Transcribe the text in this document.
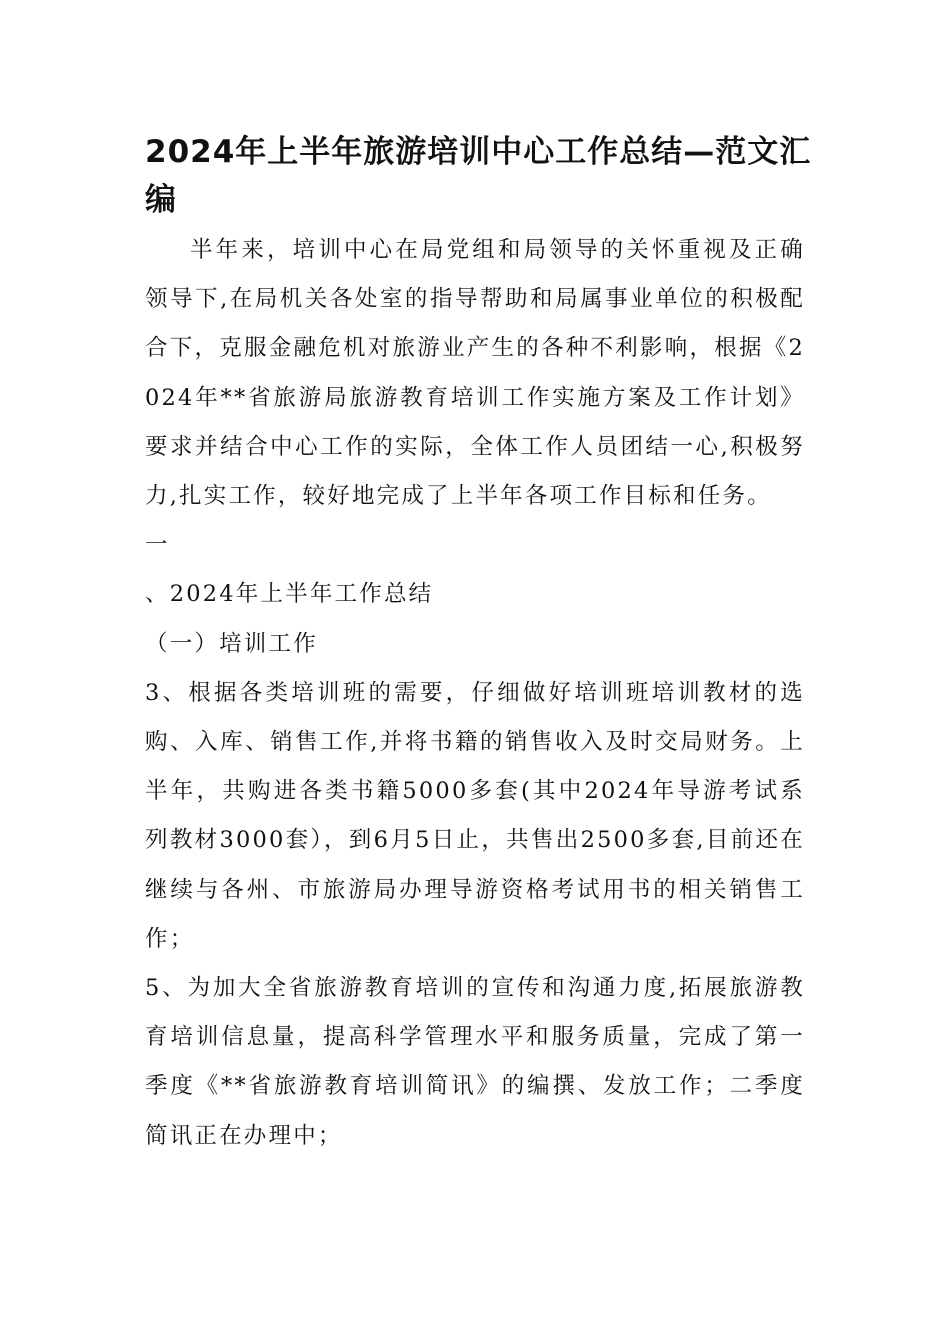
2024年上半年旅游培训中心工作总结—范文汇编

半年来，培训中心在局党组和局领导的关怀重视及正确领导下,在局机关各处室的指导帮助和局属事业单位的积极配合下，克服金融危机对旅游业产生的各种不利影响，根据《2024年**省旅游局旅游教育培训工作实施方案及工作计划》要求并结合中心工作的实际，全体工作人员团结一心,积极努力,扎实工作，较好地完成了上半年各项工作目标和任务。

一

、2024年上半年工作总结

（一）培训工作

3、根据各类培训班的需要，仔细做好培训班培训教材的选购、入库、销售工作,并将书籍的销售收入及时交局财务。上半年，共购进各类书籍5000多套(其中2024年导游考试系列教材3000套），到6月5日止，共售出2500多套,目前还在继续与各州、市旅游局办理导游资格考试用书的相关销售工作；

5、为加大全省旅游教育培训的宣传和沟通力度,拓展旅游教育培训信息量，提高科学管理水平和服务质量，完成了第一季度《**省旅游教育培训简讯》的编撰、发放工作；二季度简讯正在办理中；
